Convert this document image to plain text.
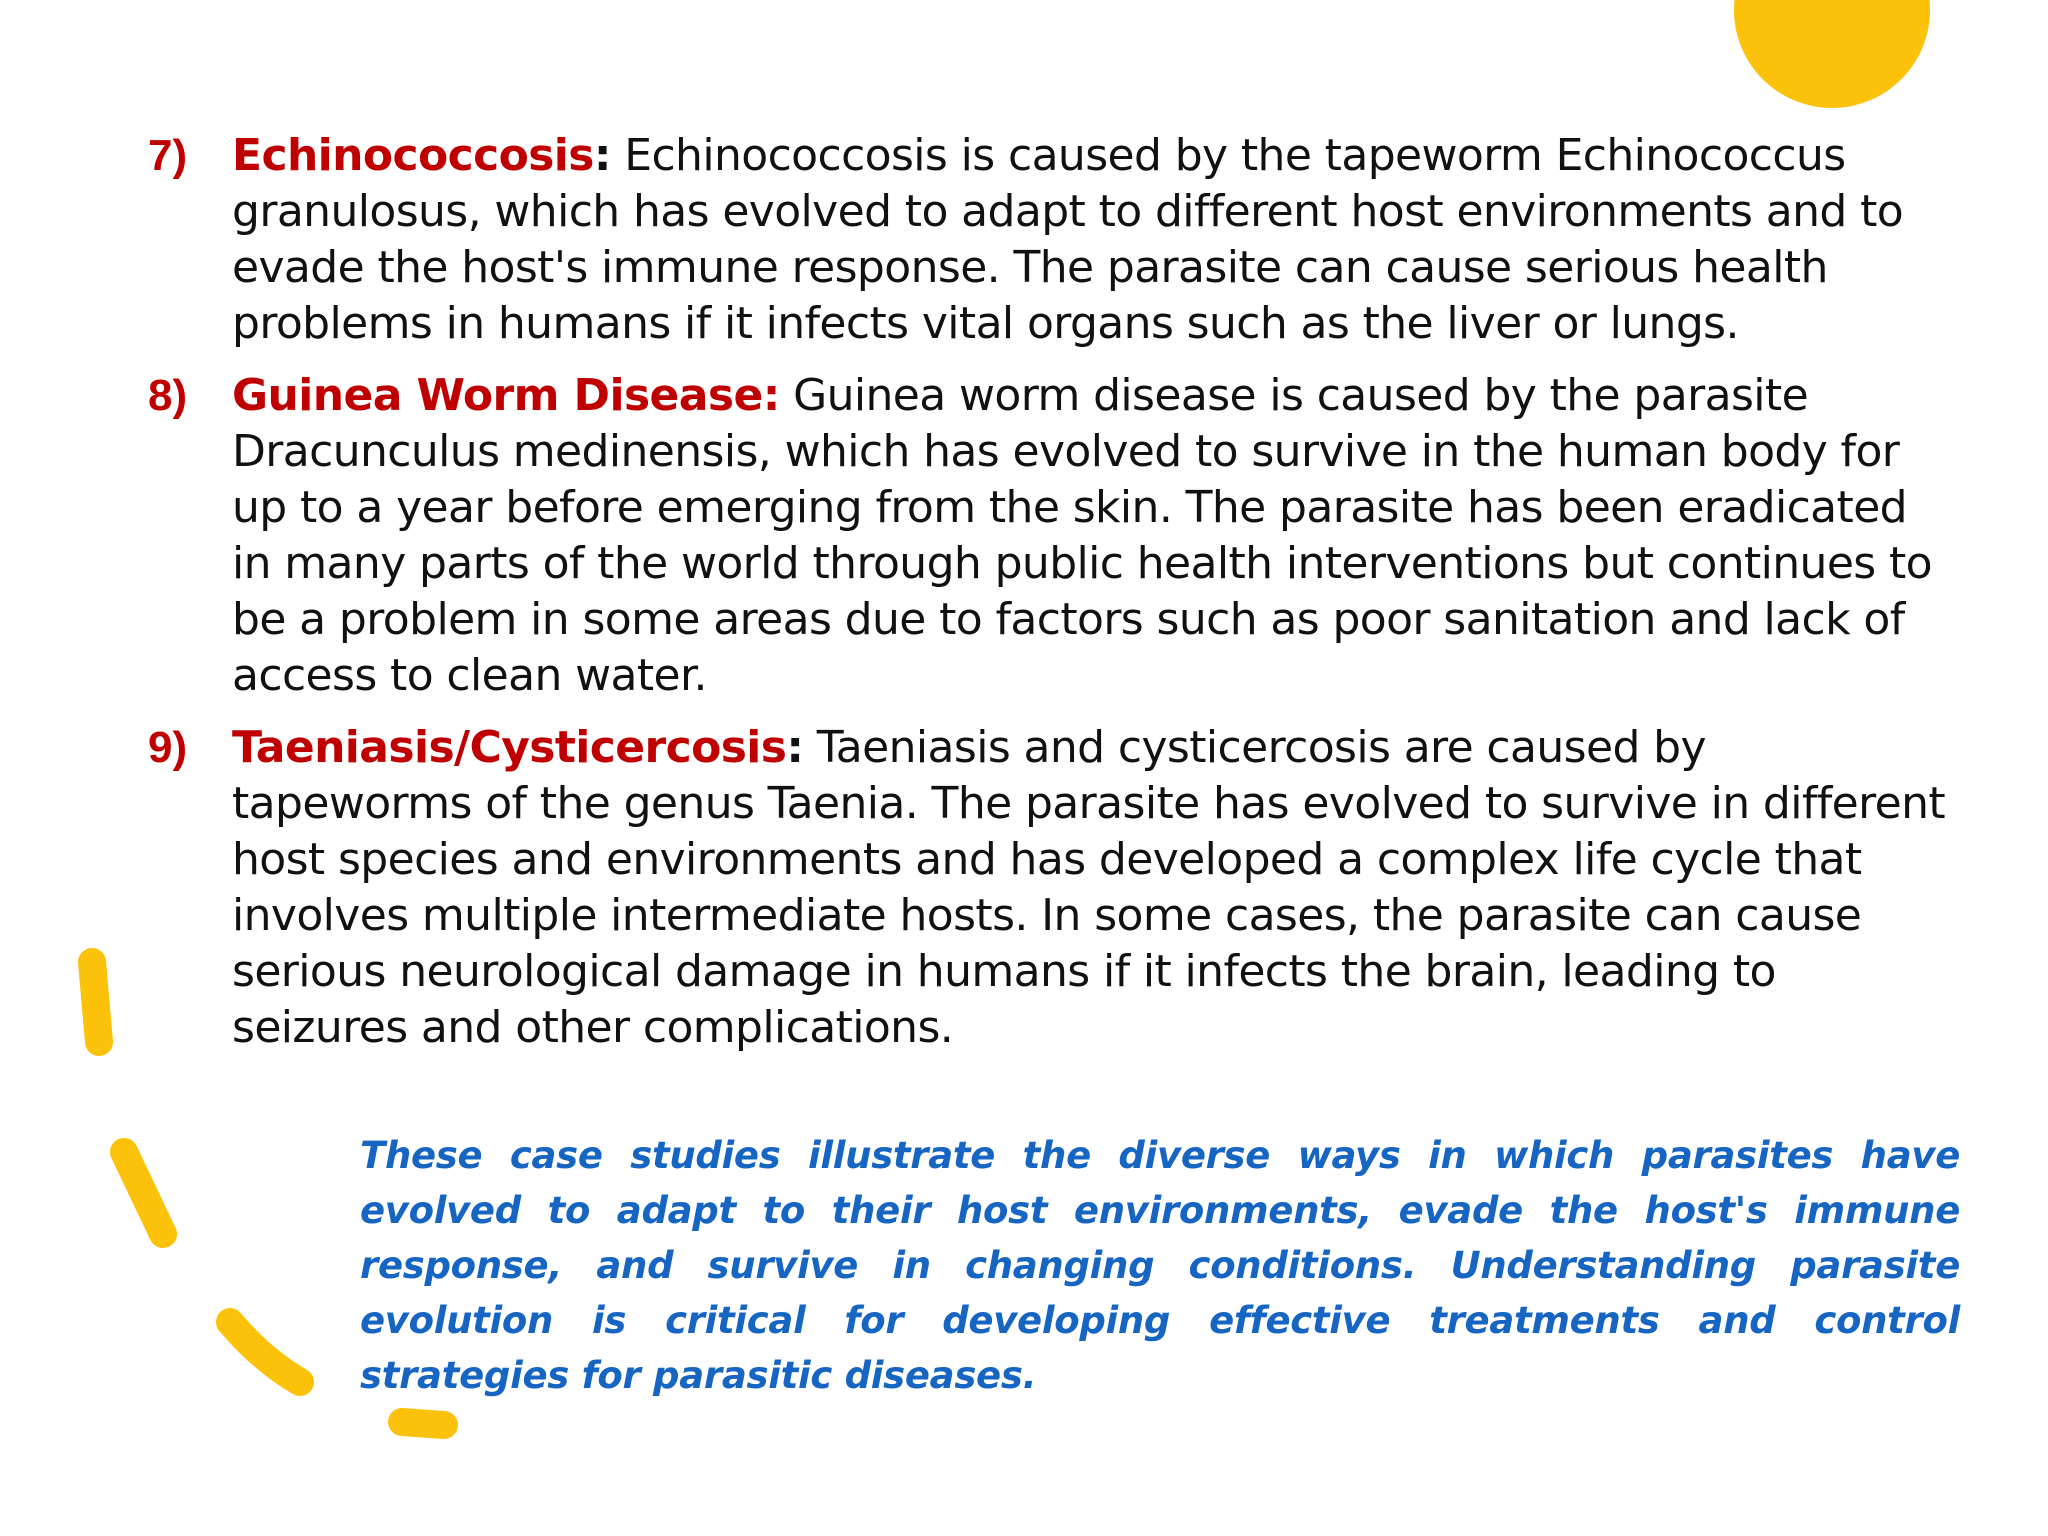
7)	Echinococcosis: Echinococcosis is caused by the tapeworm Echinococcus granulosus, which has evolved to adapt to different host environments and to evade the host's immune response. The parasite can cause serious health problems in humans if it infects vital organs such as the liver or lungs.
8)	Guinea Worm Disease: Guinea worm disease is caused by the parasite Dracunculus medinensis, which has evolved to survive in the human body for up to a year before emerging from the skin. The parasite has been eradicated in many parts of the world through public health interventions but continues to be a problem in some areas due to factors such as poor sanitation and lack of access to clean water.
9)	Taeniasis/Cysticercosis: Taeniasis and cysticercosis are caused by tapeworms of the genus Taenia. The parasite has evolved to survive in different host species and environments and has developed a complex life cycle that involves multiple intermediate hosts. In some cases, the parasite can cause serious neurological damage in humans if it infects the brain, leading to seizures and other complications.

These case studies illustrate the diverse ways in which parasites have evolved to adapt to their host environments, evade the host's immune response, and survive in changing conditions. Understanding parasite evolution is critical for developing effective treatments and control strategies for parasitic diseases.
